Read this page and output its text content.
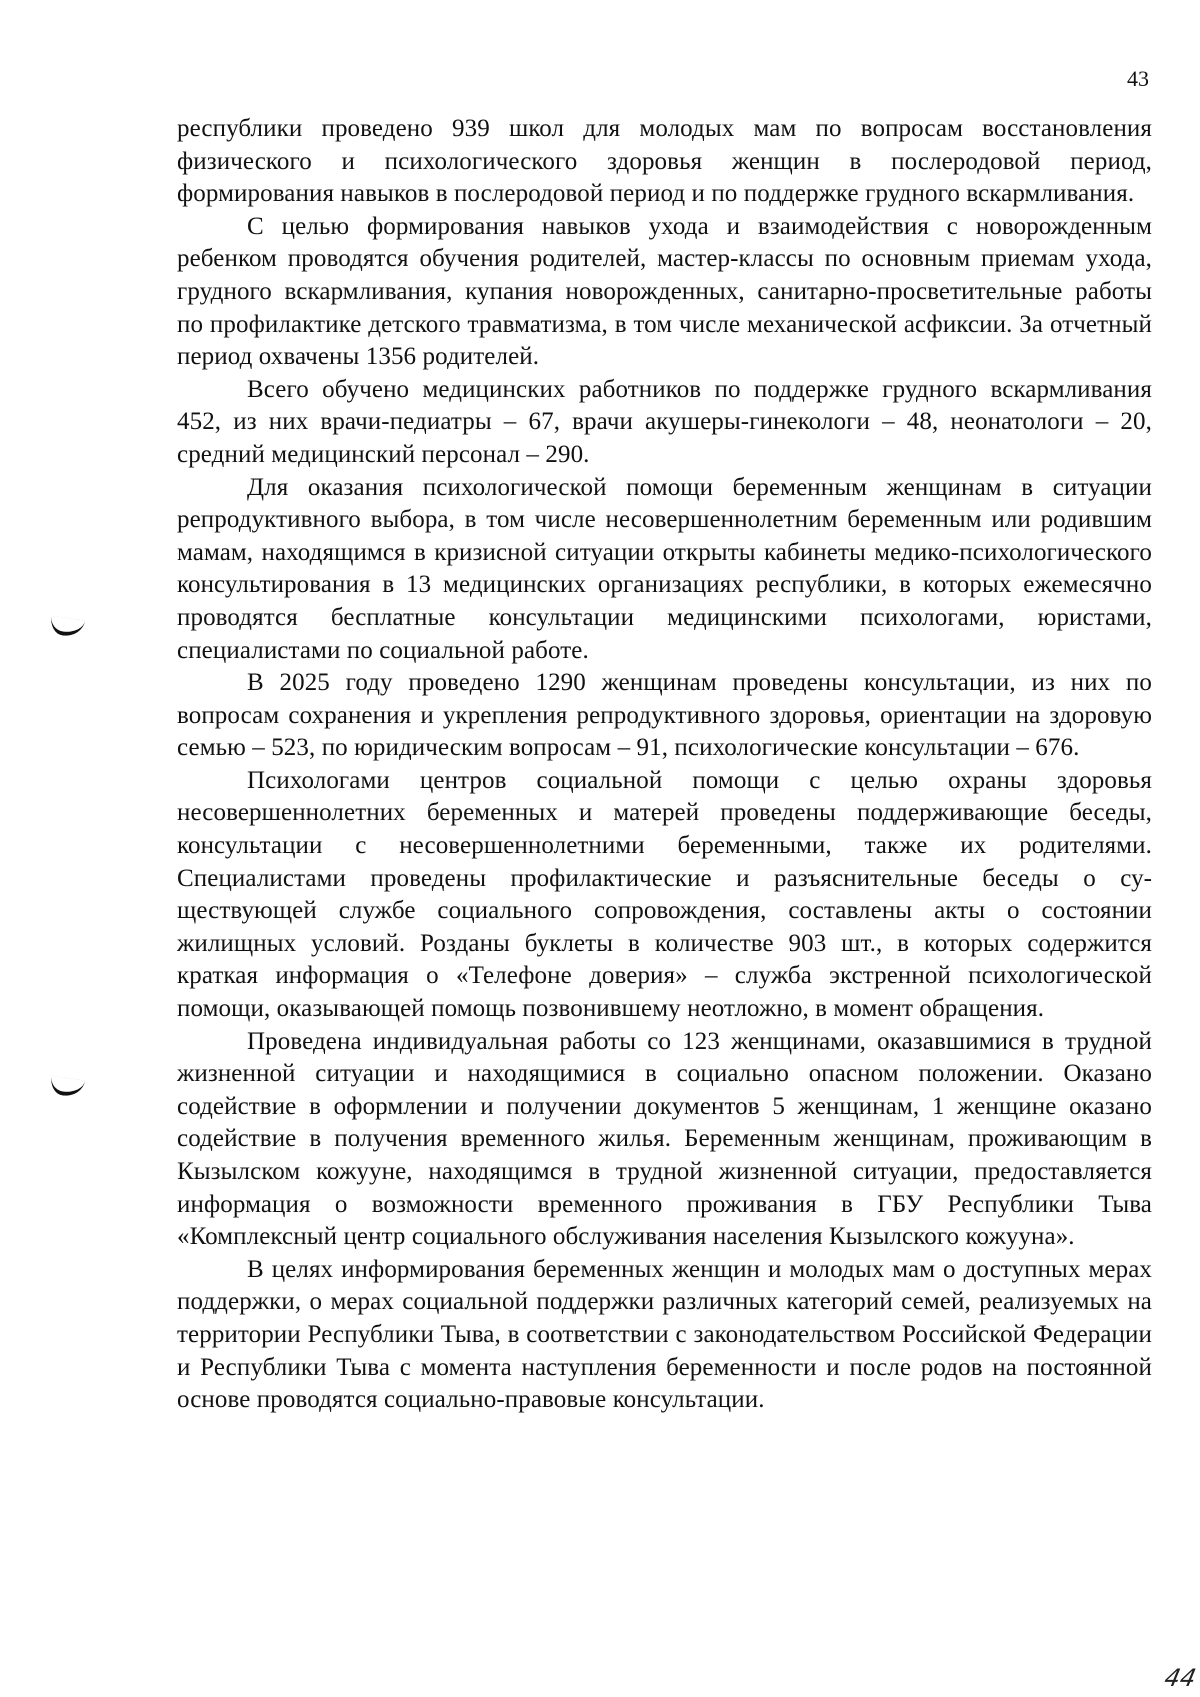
43

республики проведено 939 школ для молодых мам по вопросам восстановления физического и психологического здоровья женщин в послеродовой период, формирования навыков в послеродовой период и по поддержке грудного вскармливания.

С целью формирования навыков ухода и взаимодействия с новорожденным ребенком проводятся обучения родителей, мастер-классы по основным приемам ухода, грудного вскармливания, купания новорожденных, санитарно-просветительные работы по профилактике детского травматизма, в том числе механической асфиксии. За отчетный период охвачены 1356 родителей.

Всего обучено медицинских работников по поддержке грудного вскармливания 452, из них врачи-педиатры – 67, врачи акушеры-гинекологи – 48, неонатологи – 20, средний медицинский персонал – 290.

Для оказания психологической помощи беременным женщинам в ситуации репродуктивного выбора, в том числе несовершеннолетним беременным или родившим мамам, находящимся в кризисной ситуации открыты кабинеты медико-психологического консультирования в 13 медицинских организациях республики, в которых ежемесячно проводятся бесплатные консультации медицинскими психологами, юристами, специалистами по социальной работе.

В 2025 году проведено 1290 женщинам проведены консультации, из них по вопросам сохранения и укрепления репродуктивного здоровья, ориентации на здоровую семью – 523, по юридическим вопросам – 91, психологические консультации – 676.

Психологами центров социальной помощи с целью охраны здоровья несовершеннолетних беременных и матерей проведены поддерживающие беседы, консультации с несовершеннолетними беременными, также их родителями. Специалистами проведены профилактические и разъяснительные беседы о существующей службе социального сопровождения, составлены акты о состоянии жилищных условий. Розданы буклеты в количестве 903 шт., в которых содержится краткая информация о «Телефоне доверия» – служба экстренной психологической помощи, оказывающей помощь позвонившему неотложно, в момент обращения.

Проведена индивидуальная работы со 123 женщинами, оказавшимися в трудной жизненной ситуации и находящимися в социально опасном положении. Оказано содействие в оформлении и получении документов 5 женщинам, 1 женщине оказано содействие в получения временного жилья. Беременным женщинам, проживающим в Кызылском кожууне, находящимся в трудной жизненной ситуации, предоставляется информация о возможности временного проживания в ГБУ Республики Тыва «Комплексный центр социального обслуживания населения Кызылского кожууна».

В целях информирования беременных женщин и молодых мам о доступных мерах поддержки, о мерах социальной поддержки различных категорий семей, реализуемых на территории Республики Тыва, в соответствии с законодательством Российской Федерации и Республики Тыва с момента наступления беременности и после родов на постоянной основе проводятся социально-правовые консультации.

44
